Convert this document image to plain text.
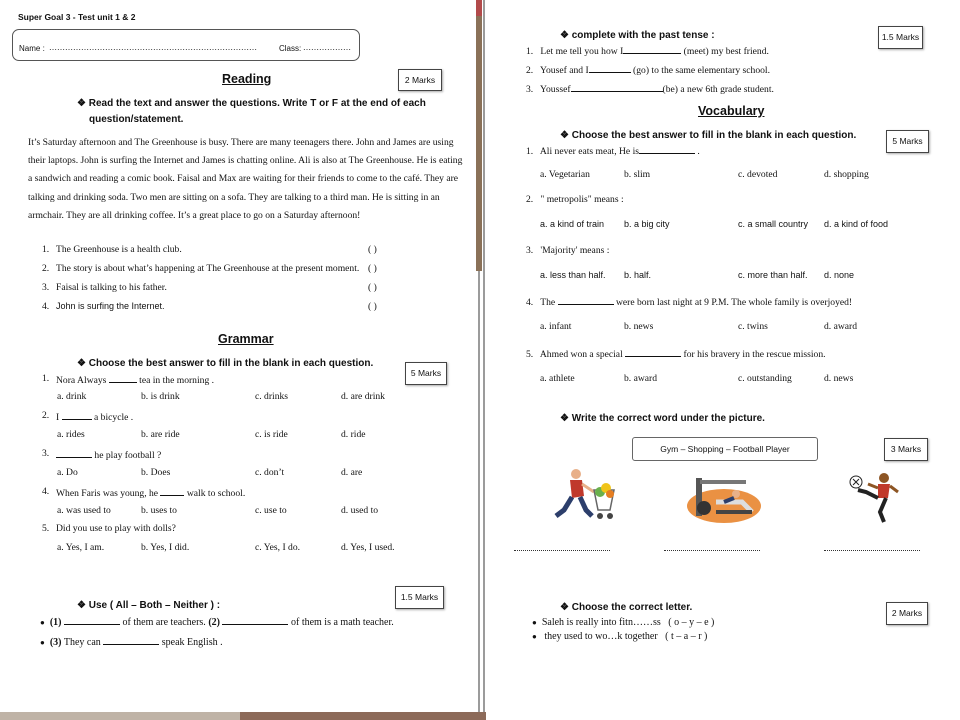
Super Goal 3 - Test unit 1 & 2
Name : ……………………………………………………………………	Class: ………………
Reading	2 Marks
❖ Read the text and answer the questions. Write T or F at the end of each
question/statement.
It’s Saturday afternoon and The Greenhouse is busy. There are many teenagers there. John and James are using
their laptops. John is surfing the Internet and James is chatting online. Ali is also at The Greenhouse. He is eating
a sandwich and reading a comic book. Faisal and Max are waiting for their friends to come to the café. They are
talking and drinking soda. Two men are sitting on a sofa. They are talking to a third man. He is sitting in an
armchair. They are all drinking coffee. It’s a great place to go on a Saturday afternoon!
1. The Greenhouse is a health club.	( )
2. The story is about what’s happening at The Greenhouse at the present moment. ( )
3. Faisal is talking to his father.	( )
4. John is surfing the Internet.	( )
Grammar
5 Marks
❖ Choose the best answer to fill in the blank in each question.
1. Nora Always	tea in the morning .
a. drink	b. is drink	c. drinks	d. are drink
2. I	a bicycle .
a. rides	b. are ride	c. is ride	d. ride
3.	he play football ?
a. Do	b. Does	c. don’t	d. are
4. When Faris was young, he	walk to school.
a. was used to	b. uses to	c. use to	d. used to
5. Did you use to play with dolls?
a. Yes, I am.	b. Yes, I did.	c. Yes, I do.	d. Yes, I used.
1.5 Marks
❖ Use ( All – Both – Neither ) :
● (1)	of them are teachers. (2)	of them is a math teacher.
● (3) They can	speak English .
❖ complete with the past tense :	1.5 Marks
1. Let me tell you how I	(meet) my best friend.
2. Yousef and I	(go) to the same elementary school.
3. Youssef	(be) a new 6th grade student.
Vocabulary
❖ Choose the best answer to fill in the blank in each question.	5 Marks
1. Ali never eats meat, He is	.
a. Vegetarian	b. slim	c. devoted	d. shopping
2. " metropolis" means :
a. a kind of train b. a big city	c. a small country d. a kind of food
3. 'Majority' means :
a. less than half. b. half.	c. more than half. d. none
4. The	were born last night at 9 P.M. The whole family is overjoyed!
a. infant	b. news	c. twins	d. award
5. Ahmed won a special	for his bravery in the rescue mission.
a. athlete	b. award	c. outstanding	d. news
❖ Write the correct word under the picture.
Gym – Shopping – Football Player	3 Marks
❖ Choose the correct letter.	2 Marks
● Saleh is really into fitn……ss ( o – y – e )
● they used to wo…k together ( t – a – r )
